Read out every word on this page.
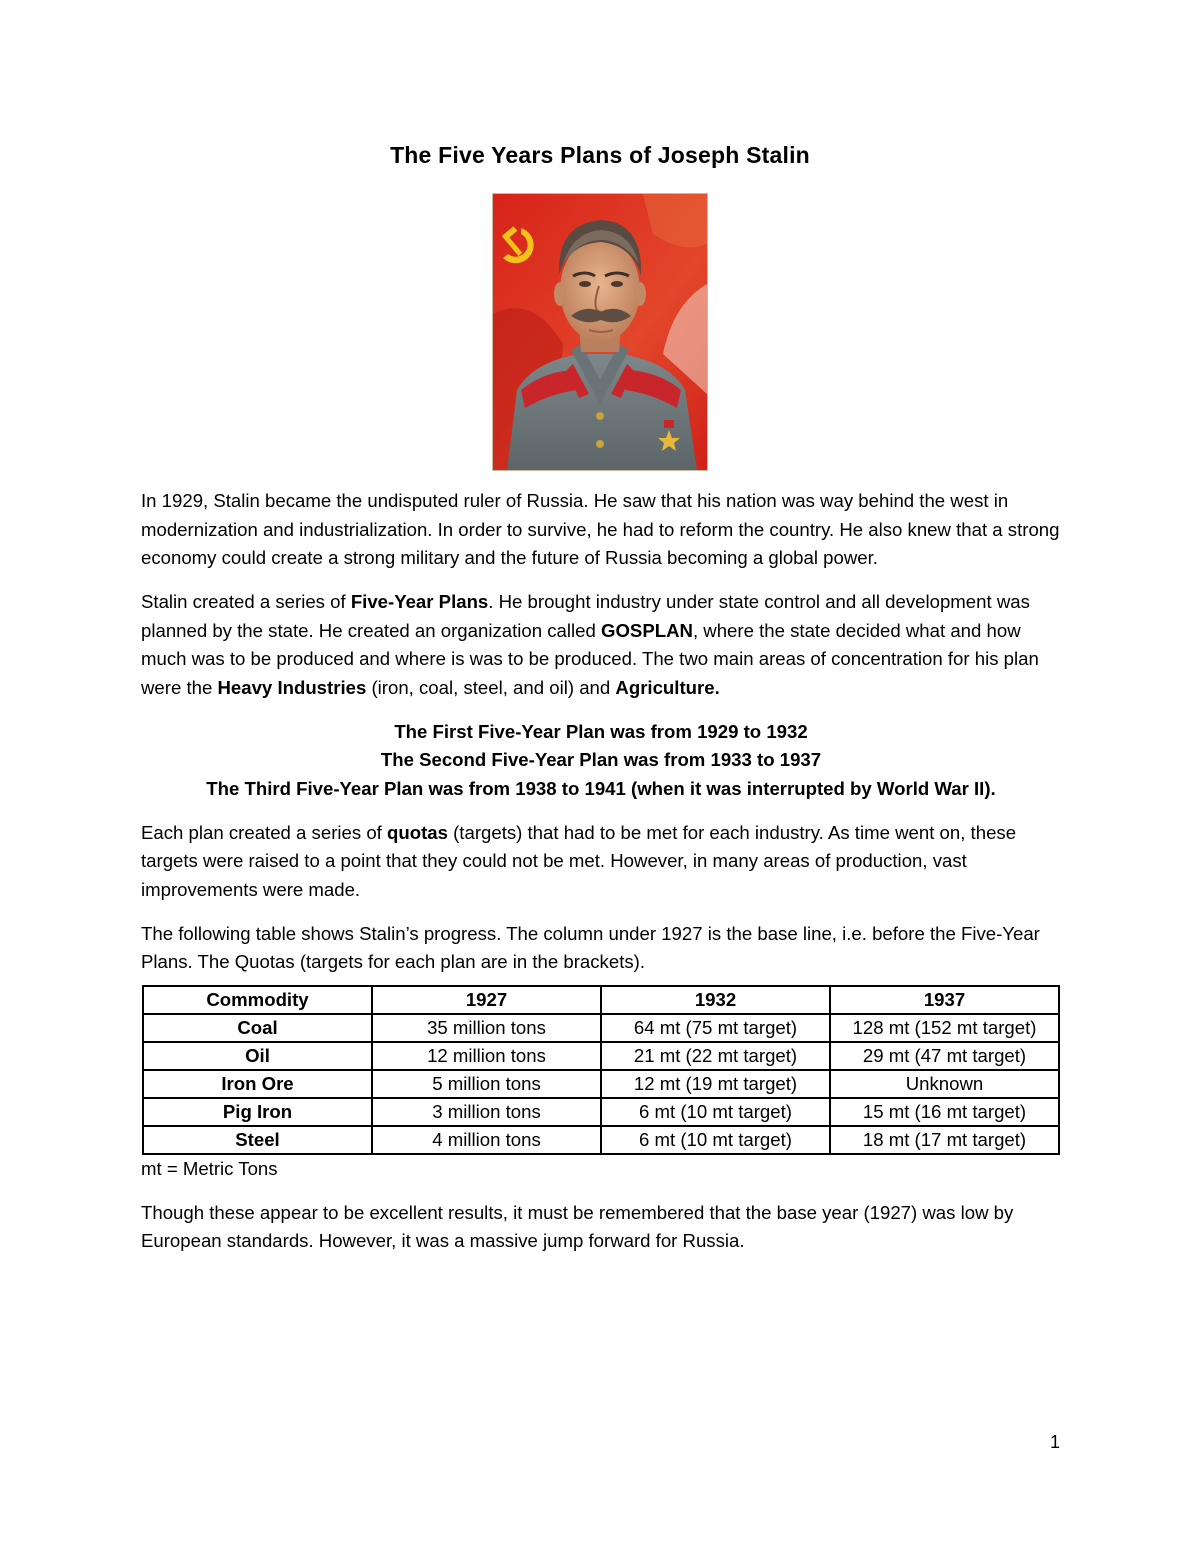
The Five Years Plans of Joseph Stalin

In 1929, Stalin became the undisputed ruler of Russia. He saw that his nation was way behind the west in modernization and industrialization. In order to survive, he had to reform the country. He also knew that a strong economy could create a strong military and the future of Russia becoming a global power.

Stalin created a series of Five-Year Plans. He brought industry under state control and all development was planned by the state. He created an organization called GOSPLAN, where the state decided what and how much was to be produced and where is was to be produced. The two main areas of concentration for his plan were the Heavy Industries (iron, coal, steel, and oil) and Agriculture.

The First Five-Year Plan was from 1929 to 1932
The Second Five-Year Plan was from 1933 to 1937
The Third Five-Year Plan was from 1938 to 1941 (when it was interrupted by World War II).

Each plan created a series of quotas (targets) that had to be met for each industry. As time went on, these targets were raised to a point that they could not be met. However, in many areas of production, vast improvements were made.

The following table shows Stalin’s progress. The column under 1927 is the base line, i.e. before the Five-Year Plans. The Quotas (targets for each plan are in the brackets).

Commodity	1927	1932	1937
Coal	35 million tons	64 mt (75 mt target)	128 mt (152 mt target)
Oil	12 million tons	21 mt (22 mt target)	29 mt (47 mt target)
Iron Ore	5 million tons	12 mt (19 mt target)	Unknown
Pig Iron	3 million tons	6 mt (10 mt target)	15 mt (16 mt target)
Steel	4 million tons	6 mt (10 mt target)	18 mt (17 mt target)

mt = Metric Tons

Though these appear to be excellent results, it must be remembered that the base year (1927) was low by European standards. However, it was a massive jump forward for Russia.

1
